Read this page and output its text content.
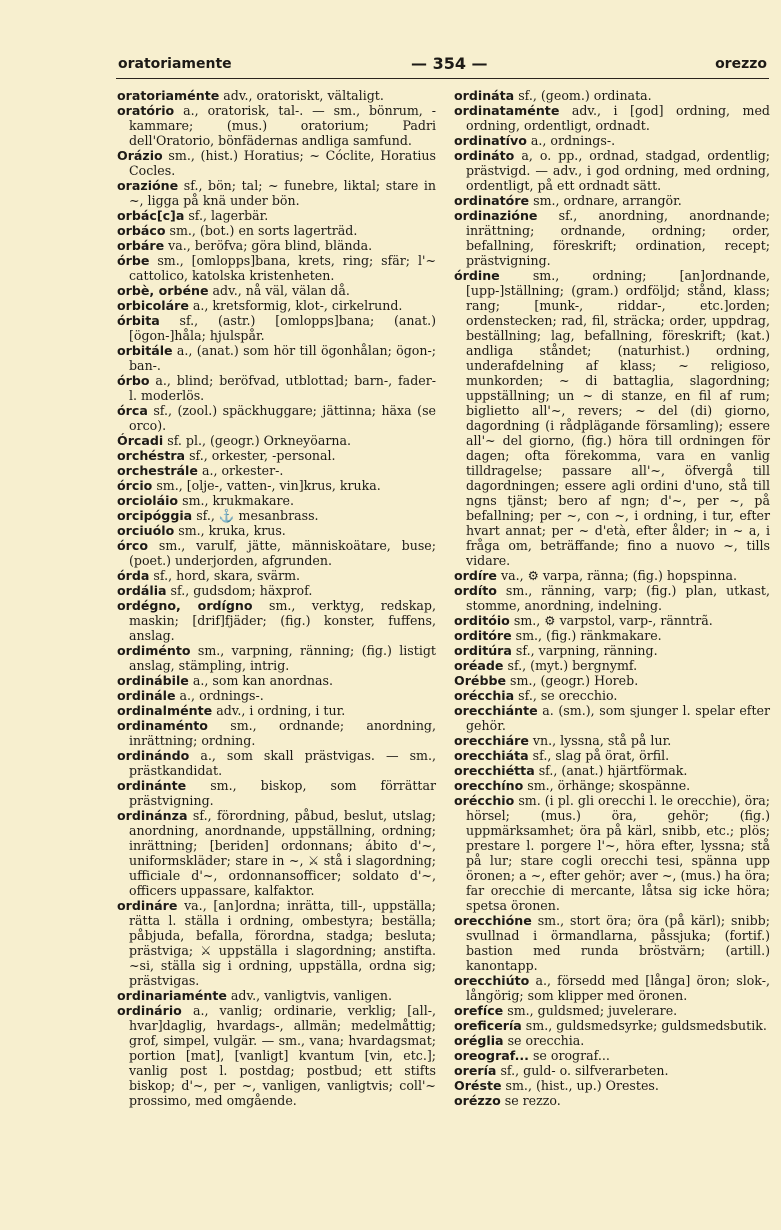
oratoriamente	— 354 —	orezzo
oratoriaménte adv., oratoriskt, vältaligt.
oratório a., oratorisk, tal-. — sm., bönrum, -kammare; (mus.) oratorium; Padri dell'Oratorio, bönfädernas andliga samfund.
Orázio sm., (hist.) Horatius; ~ Cóclite, Horatius Cocles.
orazióne sf., bön; tal; ~ funebre, liktal; stare in ~, ligga på knä under bön.
orbác[c]a sf., lagerbär.
orbáco sm., (bot.) en sorts lagerträd.
orbáre va., beröfva; göra blind, blända.
órbe sm., [omlopps]bana, krets, ring; sfär; l'~ cattolico, katolska kristenheten.
orbè, orbéne adv., nå väl, välan då.
orbicoláre a., kretsformig, klot-, cirkelrund.
órbita sf., (astr.) [omlopps]bana; (anat.) [ögon-]håla; hjulspår.
orbitále a., (anat.) som hör till ögonhålan; ögon-; ban-.
órbo a., blind; beröfvad, utblottad; barn-, fader- l. moderlös.
órca sf., (zool.) späckhuggare; jättinna; häxa (se orco).
Órcadi sf. pl., (geogr.) Orkneyöarna.
orchéstra sf., orkester, -personal.
orchestrále a., orkester-.
órcio sm., [olje-, vatten-, vin]krus, kruka.
orcioláio sm., krukmakare.
orcipóggia sf., ⚓ mesanbrass.
orciuólo sm., kruka, krus.
órco sm., varulf, jätte, människoätare, buse; (poet.) underjorden, afgrunden.
órda sf., hord, skara, svärm.
ordália sf., gudsdom; häxprof.
ordégno, ordígno sm., verktyg, redskap, maskin; [drif]fjäder; (fig.) konster, fuffens, anslag.
ordiménto sm., varpning, ränning; (fig.) listigt anslag, stämpling, intrig.
ordinábile a., som kan anordnas.
ordinále a., ordnings-.
ordinalménte adv., i ordning, i tur.
ordinaménto sm., ordnande; anordning, inrättning; ordning.
ordinándo a., som skall prästvigas. — sm., prästkandidat.
ordinánte sm., biskop, som förrättar prästvigning.
ordinánza sf., förordning, påbud, beslut, utslag; anordning, anordnande, uppställning, ordning; inrättning; [beriden] ordonnans; ábito d'~, uniformskläder; stare in ~, ⚔ stå i slagordning; ufficiale d'~, ordonnansofficer; soldato d'~, officers uppassare, kalfaktor.
ordináre va., [an]ordna; inrätta, till-, uppställa; rätta l. ställa i ordning, ombestyra; beställa; påbjuda, befalla, förordna, stadga; besluta; prästviga; ⚔ uppställa i slagordning; anstifta. ~si, ställa sig i ordning, uppställa, ordna sig; prästvigas.
ordinariaménte adv., vanligtvis, vanligen.
ordinário a., vanlig; ordinarie, verklig; [all-, hvar]daglig, hvardags-, allmän; medelmåttig; grof, simpel, vulgär. — sm., vana; hvardagsmat; portion [mat], [vanligt] kvantum [vin, etc.]; vanlig post l. postdag; postbud; ett stifts biskop; d'~, per ~, vanligen, vanligtvis; coll'~ prossimo, med omgående.
ordináta sf., (geom.) ordinata.
ordinataménte adv., i [god] ordning, med ordning, ordentligt, ordnadt.
ordinatívo a., ordnings-.
ordináto a, o. pp., ordnad, stadgad, ordentlig; prästvigd. — adv., i god ordning, med ordning, ordentligt, på ett ordnadt sätt.
ordinatóre sm., ordnare, arrangör.
ordinazióne sf., anordning, anordnande; inrättning; ordnande, ordning; order, befallning, föreskrift; ordination, recept; prästvigning.
órdine	sm., ordning; [an]ordnande, [upp-]ställning; (gram.) ordföljd; stånd, klass; rang; [munk-, riddar-, etc.]orden; ordenstecken; rad, fil, sträcka; order, uppdrag, beställning; lag, befallning, föreskrift; (kat.) andliga ståndet; (naturhist.) ordning, underafdelning af klass; ~ religioso, munkorden; ~ di battaglia, slagordning; uppställning; un ~ di stanze, en fil af rum; biglietto all'~, revers; ~ del (di) giorno, dagordning (i rådplägande församling); essere all'~ del giorno, (fig.) höra till ordningen för dagen; ofta förekomma, vara en vanlig tilldragelse; passare all'~, öfvergå till dagordningen; essere agli ordini d'uno, stå till ngns tjänst; bero af ngn; d'~, per ~, på befallning; per ~, con ~, i ordning, i tur, efter hvart annat; per ~ d'età, efter ålder; in ~ a, i fråga om, beträffande; fino a nuovo ~, tills vidare.
ordíre va., ⚙ varpa, ränna; (fig.) hopspinna.
ordíto sm., ränning, varp; (fig.) plan, utkast, stomme, anordning, indelning.
orditóio sm., ⚙ varpstol, varp-, ränntrã.
orditóre sm., (fig.) ränkmakare.
orditúra sf., varpning, ränning.
oréade sf., (myt.) bergnymf.
Orébbe sm., (geogr.) Horeb.
orécchia sf., se orecchio.
orecchiánte a. (sm.), som sjunger l. spelar efter gehör.
orecchiáre vn., lyssna, stå på lur.
orecchiáta sf., slag på örat, örfil.
orecchiétta sf., (anat.) hjärtförmak.
orecchíno sm., örhänge; skospänne.
orécchio sm. (i pl. gli orecchi l. le orecchie), öra; hörsel; (mus.) öra, gehör; (fig.) uppmärksamhet; öra på kärl, snibb, etc.; plös; prestare l. porgere l'~, höra efter, lyssna; stå på lur; stare cogli orecchi tesi, spänna upp öronen; a ~, efter gehör; aver ~, (mus.) ha öra; far orecchie di mercante, låtsa sig icke höra; spetsa öronen.
orecchióne sm., stort öra; öra (på kärl); snibb; svullnad i örmandlarna, påssjuka; (fortif.) bastion med runda bröstvärn; (artill.) kanontapp.
orecchiúto a., försedd med [långa] öron; slok-, långörig; som klipper med öronen.
orefíce sm., guldsmed; juvelerare.
oreficería sm., guldsmedsyrke; guldsmedsbutik.
oréglia se orecchia.
oreograf... se orograf...
orería sf., guld- o. silfverarbeten.
Oréste sm., (hist., up.) Orestes.
orézzo se rezzo.
